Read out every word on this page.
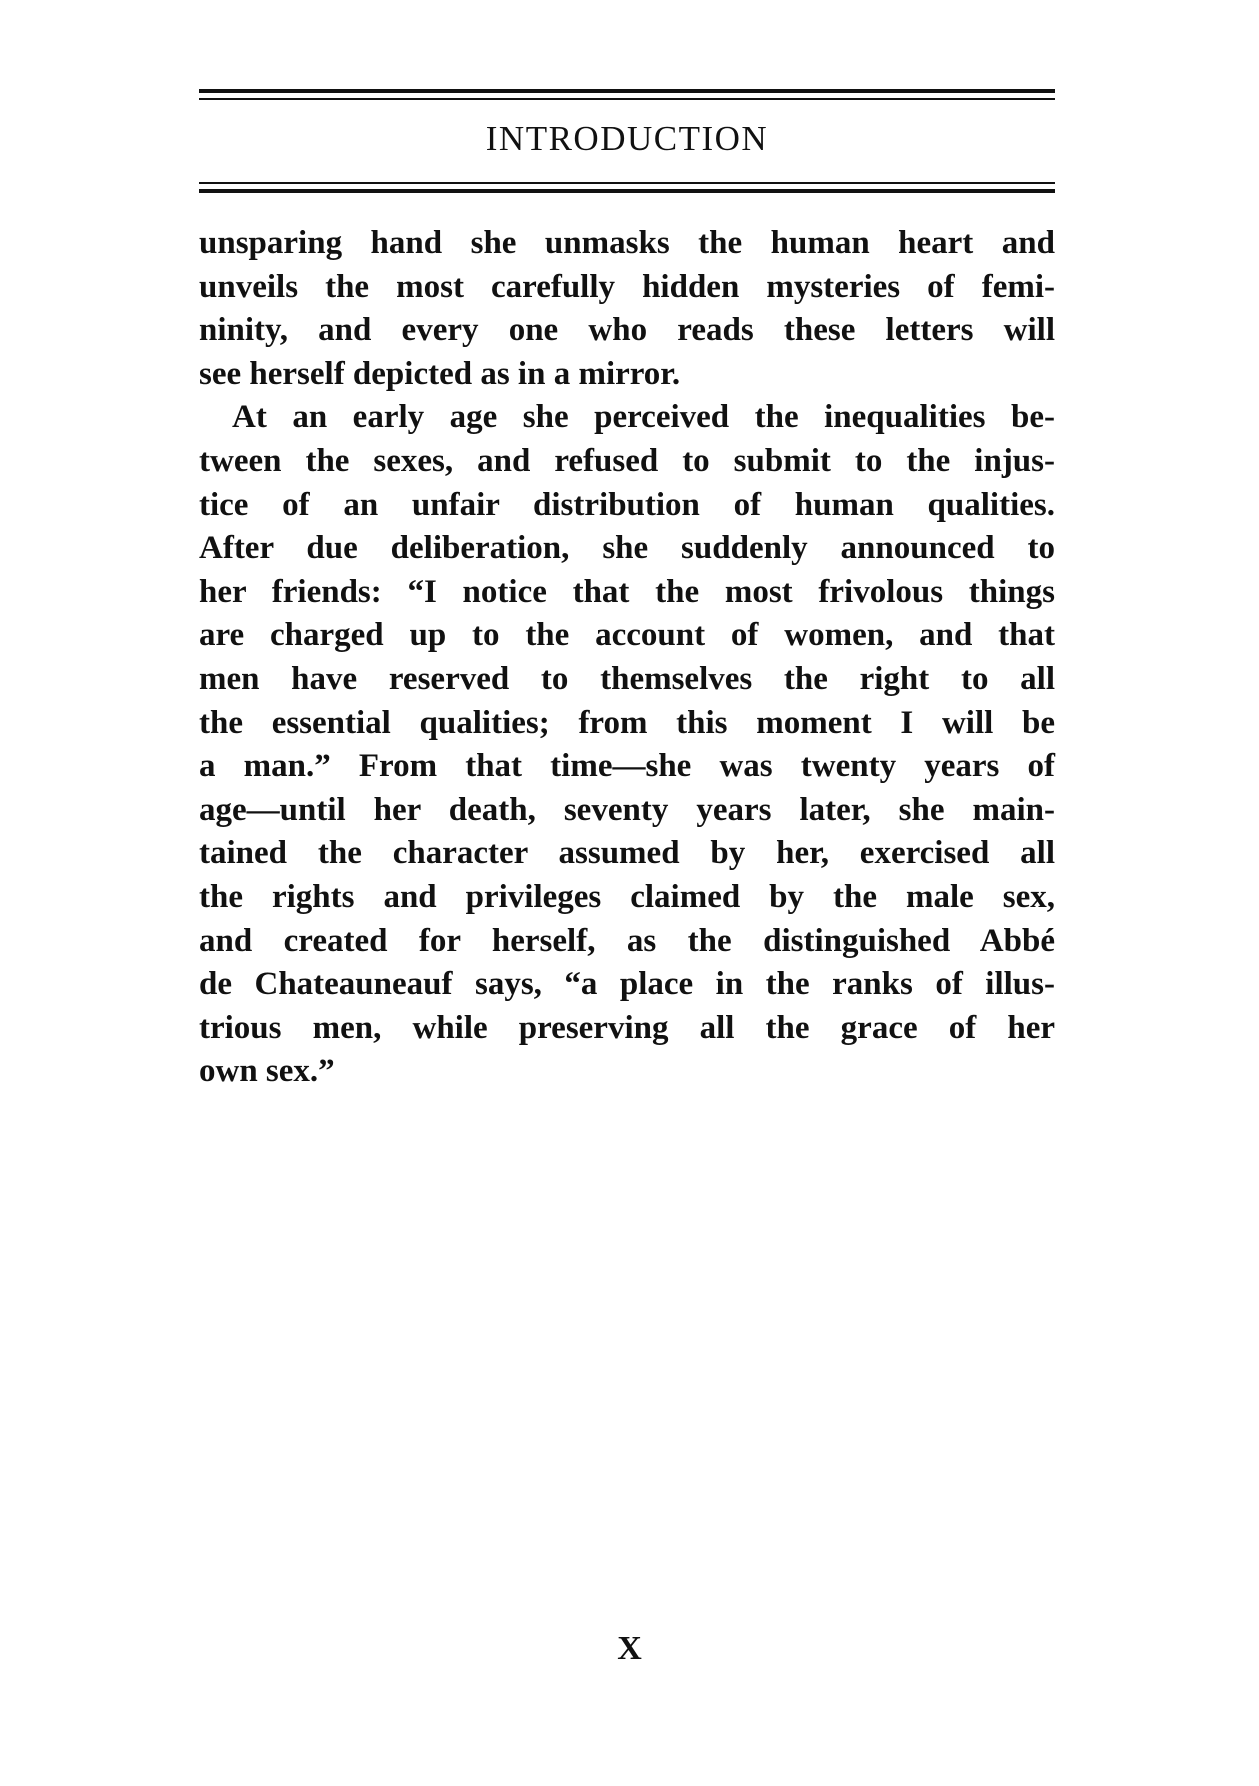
INTRODUCTION
unsparing hand she unmasks the human heart and
unveils the most carefully hidden mysteries of femi-
ninity, and every one who reads these letters will
see herself depicted as in a mirror.
At an early age she perceived the inequalities be-
tween the sexes, and refused to submit to the injus-
tice of an unfair distribution of human qualities.
After due deliberation, she suddenly announced to
her friends: “I notice that the most frivolous things
are charged up to the account of women, and that
men have reserved to themselves the right to all
the essential qualities; from this moment I will be
a man.” From that time—she was twenty years of
age—until her death, seventy years later, she main-
tained the character assumed by her, exercised all
the rights and privileges claimed by the male sex,
and created for herself, as the distinguished Abbé
de Chateauneauf says, “a place in the ranks of illus-
trious men, while preserving all the grace of her
own sex.”
X
